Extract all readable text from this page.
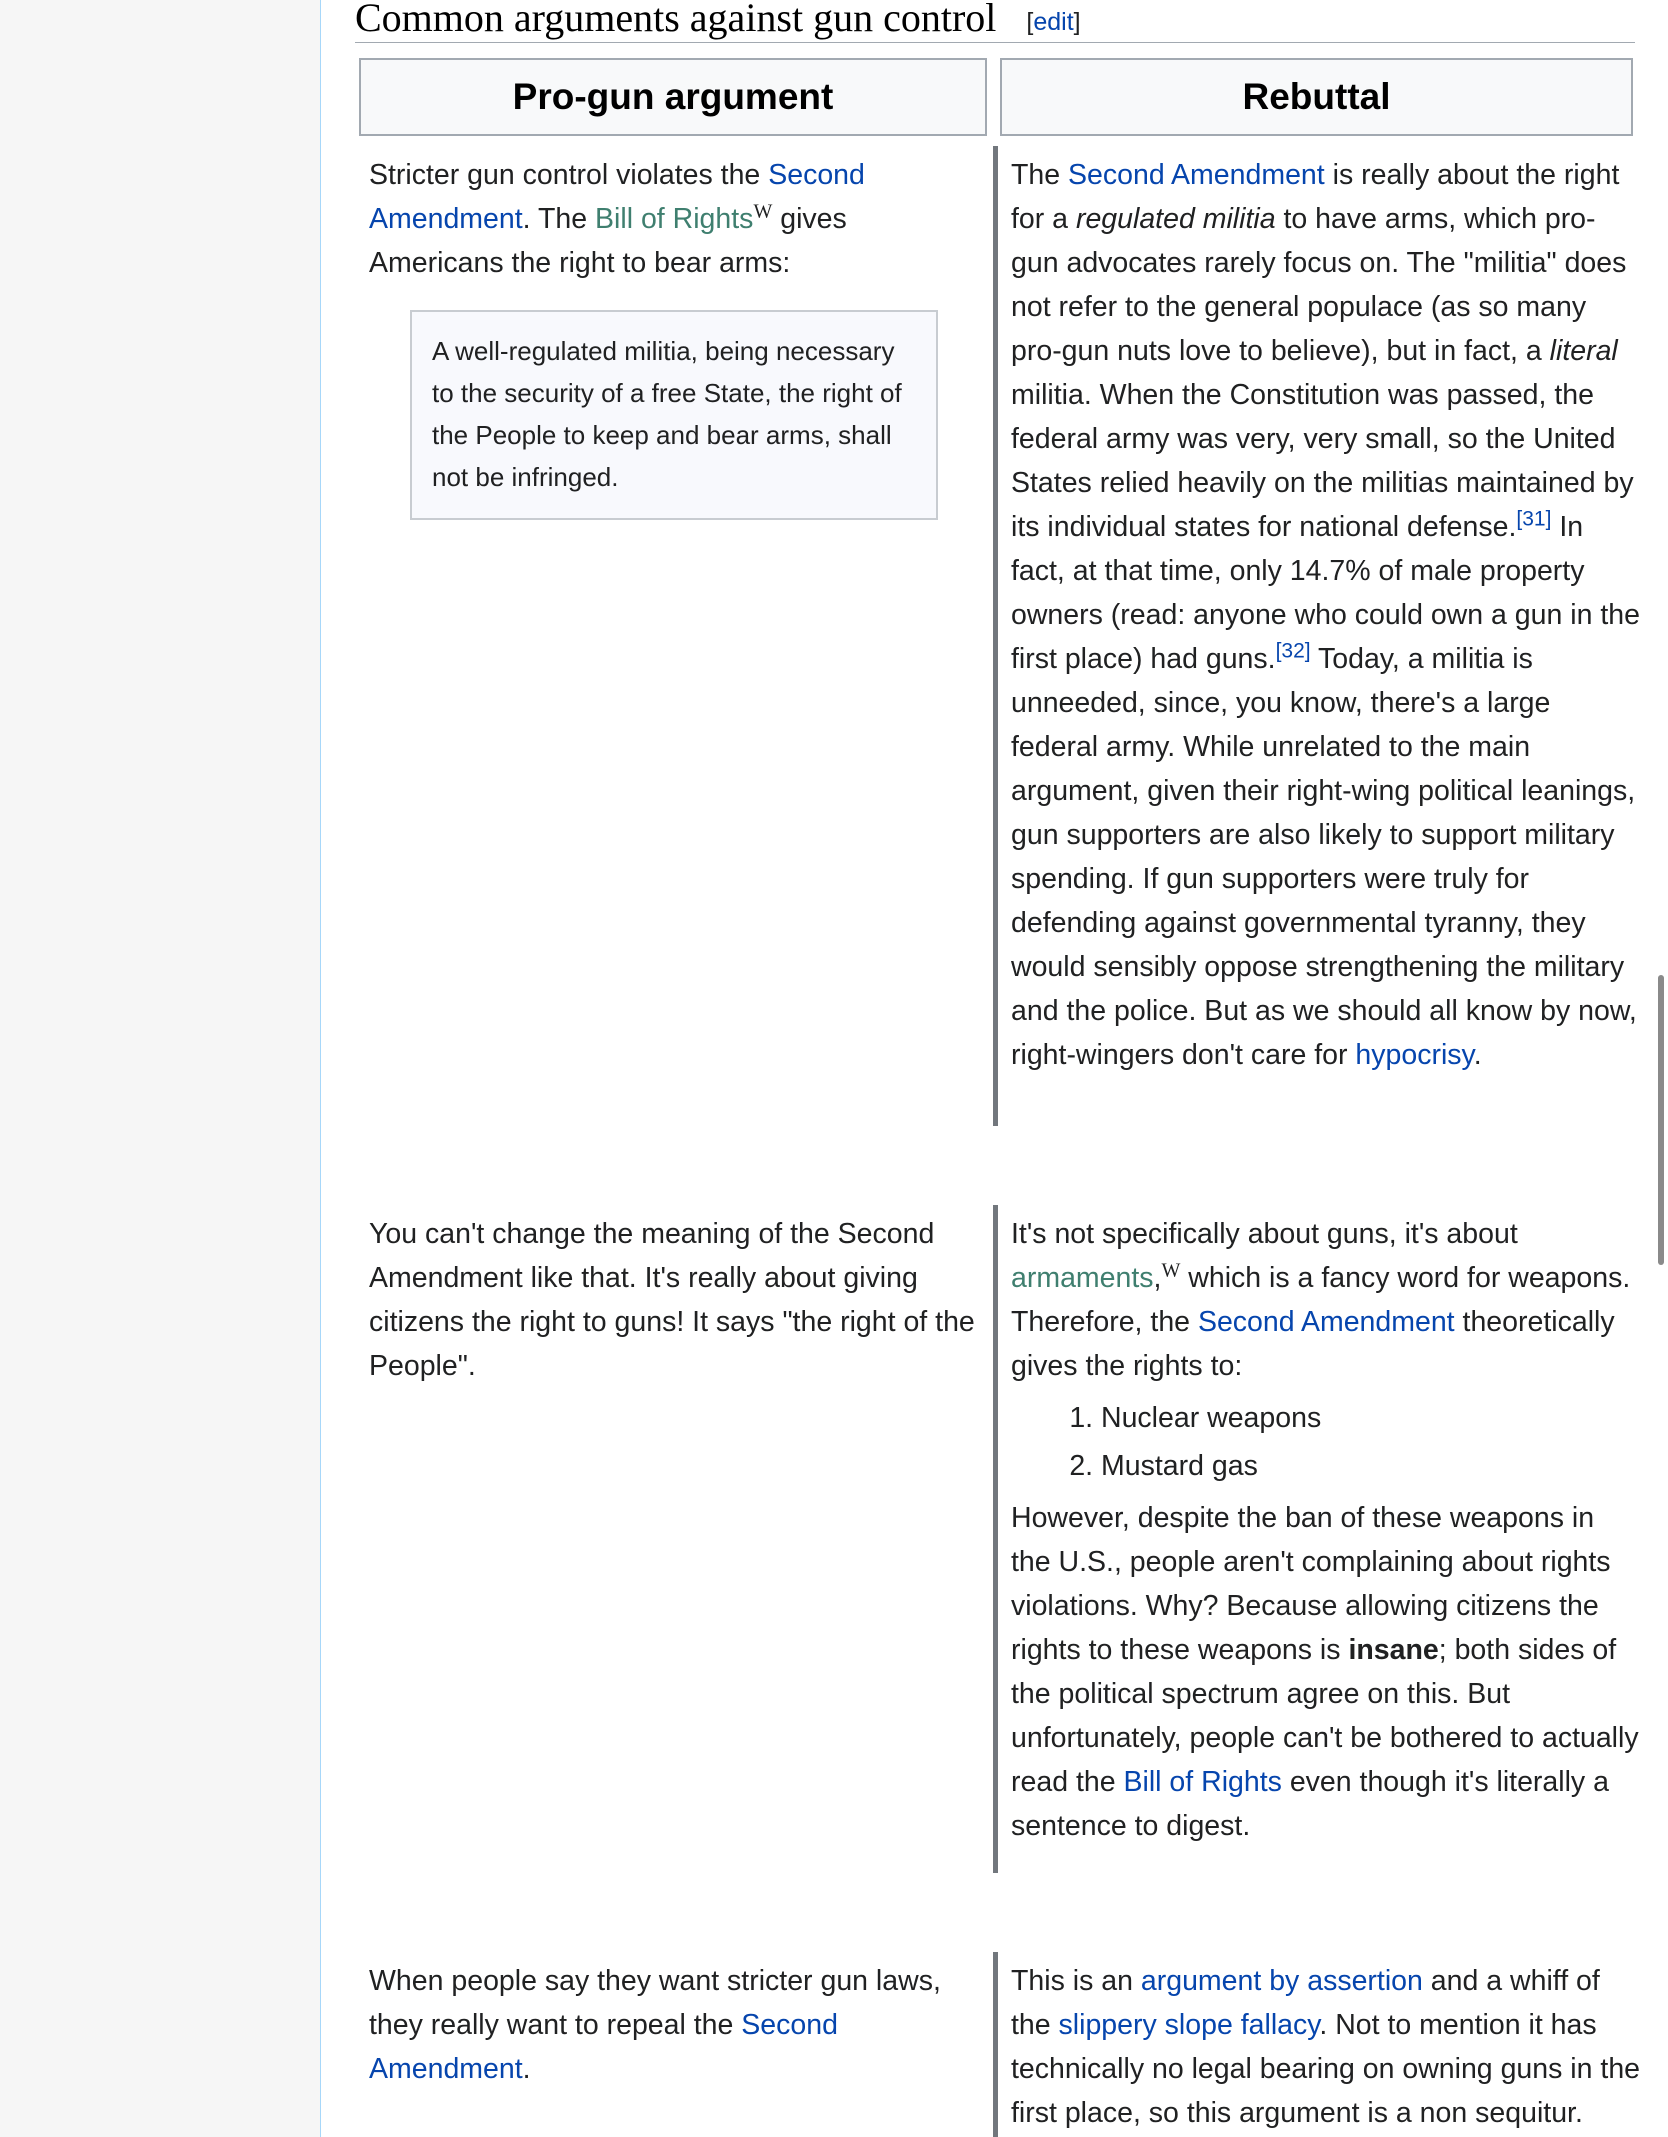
Common arguments against gun control [edit]
Pro-gun argument	Rebuttal

Stricter gun control violates the Second Amendment. The Bill of Rights$^W$ gives Americans the right to bear arms:

A well-regulated militia, being necessary to the security of a free State, the right of the People to keep and bear arms, shall not be infringed.

The Second Amendment is really about the right for a regulated militia to have arms, which pro-gun advocates rarely focus on. The "militia" does not refer to the general populace (as so many pro-gun nuts love to believe), but in fact, a literal militia. When the Constitution was passed, the federal army was very, very small, so the United States relied heavily on the militias maintained by its individual states for national defense.[31] In fact, at that time, only 14.7% of male property owners (read: anyone who could own a gun in the first place) had guns.[32] Today, a militia is unneeded, since, you know, there's a large federal army. While unrelated to the main argument, given their right-wing political leanings, gun supporters are also likely to support military spending. If gun supporters were truly for defending against governmental tyranny, they would sensibly oppose strengthening the military and the police. But as we should all know by now, right-wingers don't care for hypocrisy.

You can't change the meaning of the Second Amendment like that. It's really about giving citizens the right to guns! It says "the right of the People".

It's not specifically about guns, it's about armaments,$^W$ which is a fancy word for weapons. Therefore, the Second Amendment theoretically gives the rights to:

1. Nuclear weapons
2. Mustard gas

However, despite the ban of these weapons in the U.S., people aren't complaining about rights violations. Why? Because allowing citizens the rights to these weapons is insane; both sides of the political spectrum agree on this. But unfortunately, people can't be bothered to actually read the Bill of Rights even though it's literally a sentence to digest.

When people say they want stricter gun laws, they really want to repeal the Second Amendment.

This is an argument by assertion and a whiff of the slippery slope fallacy. Not to mention it has technically no legal bearing on owning guns in the first place, so this argument is a non sequitur.
